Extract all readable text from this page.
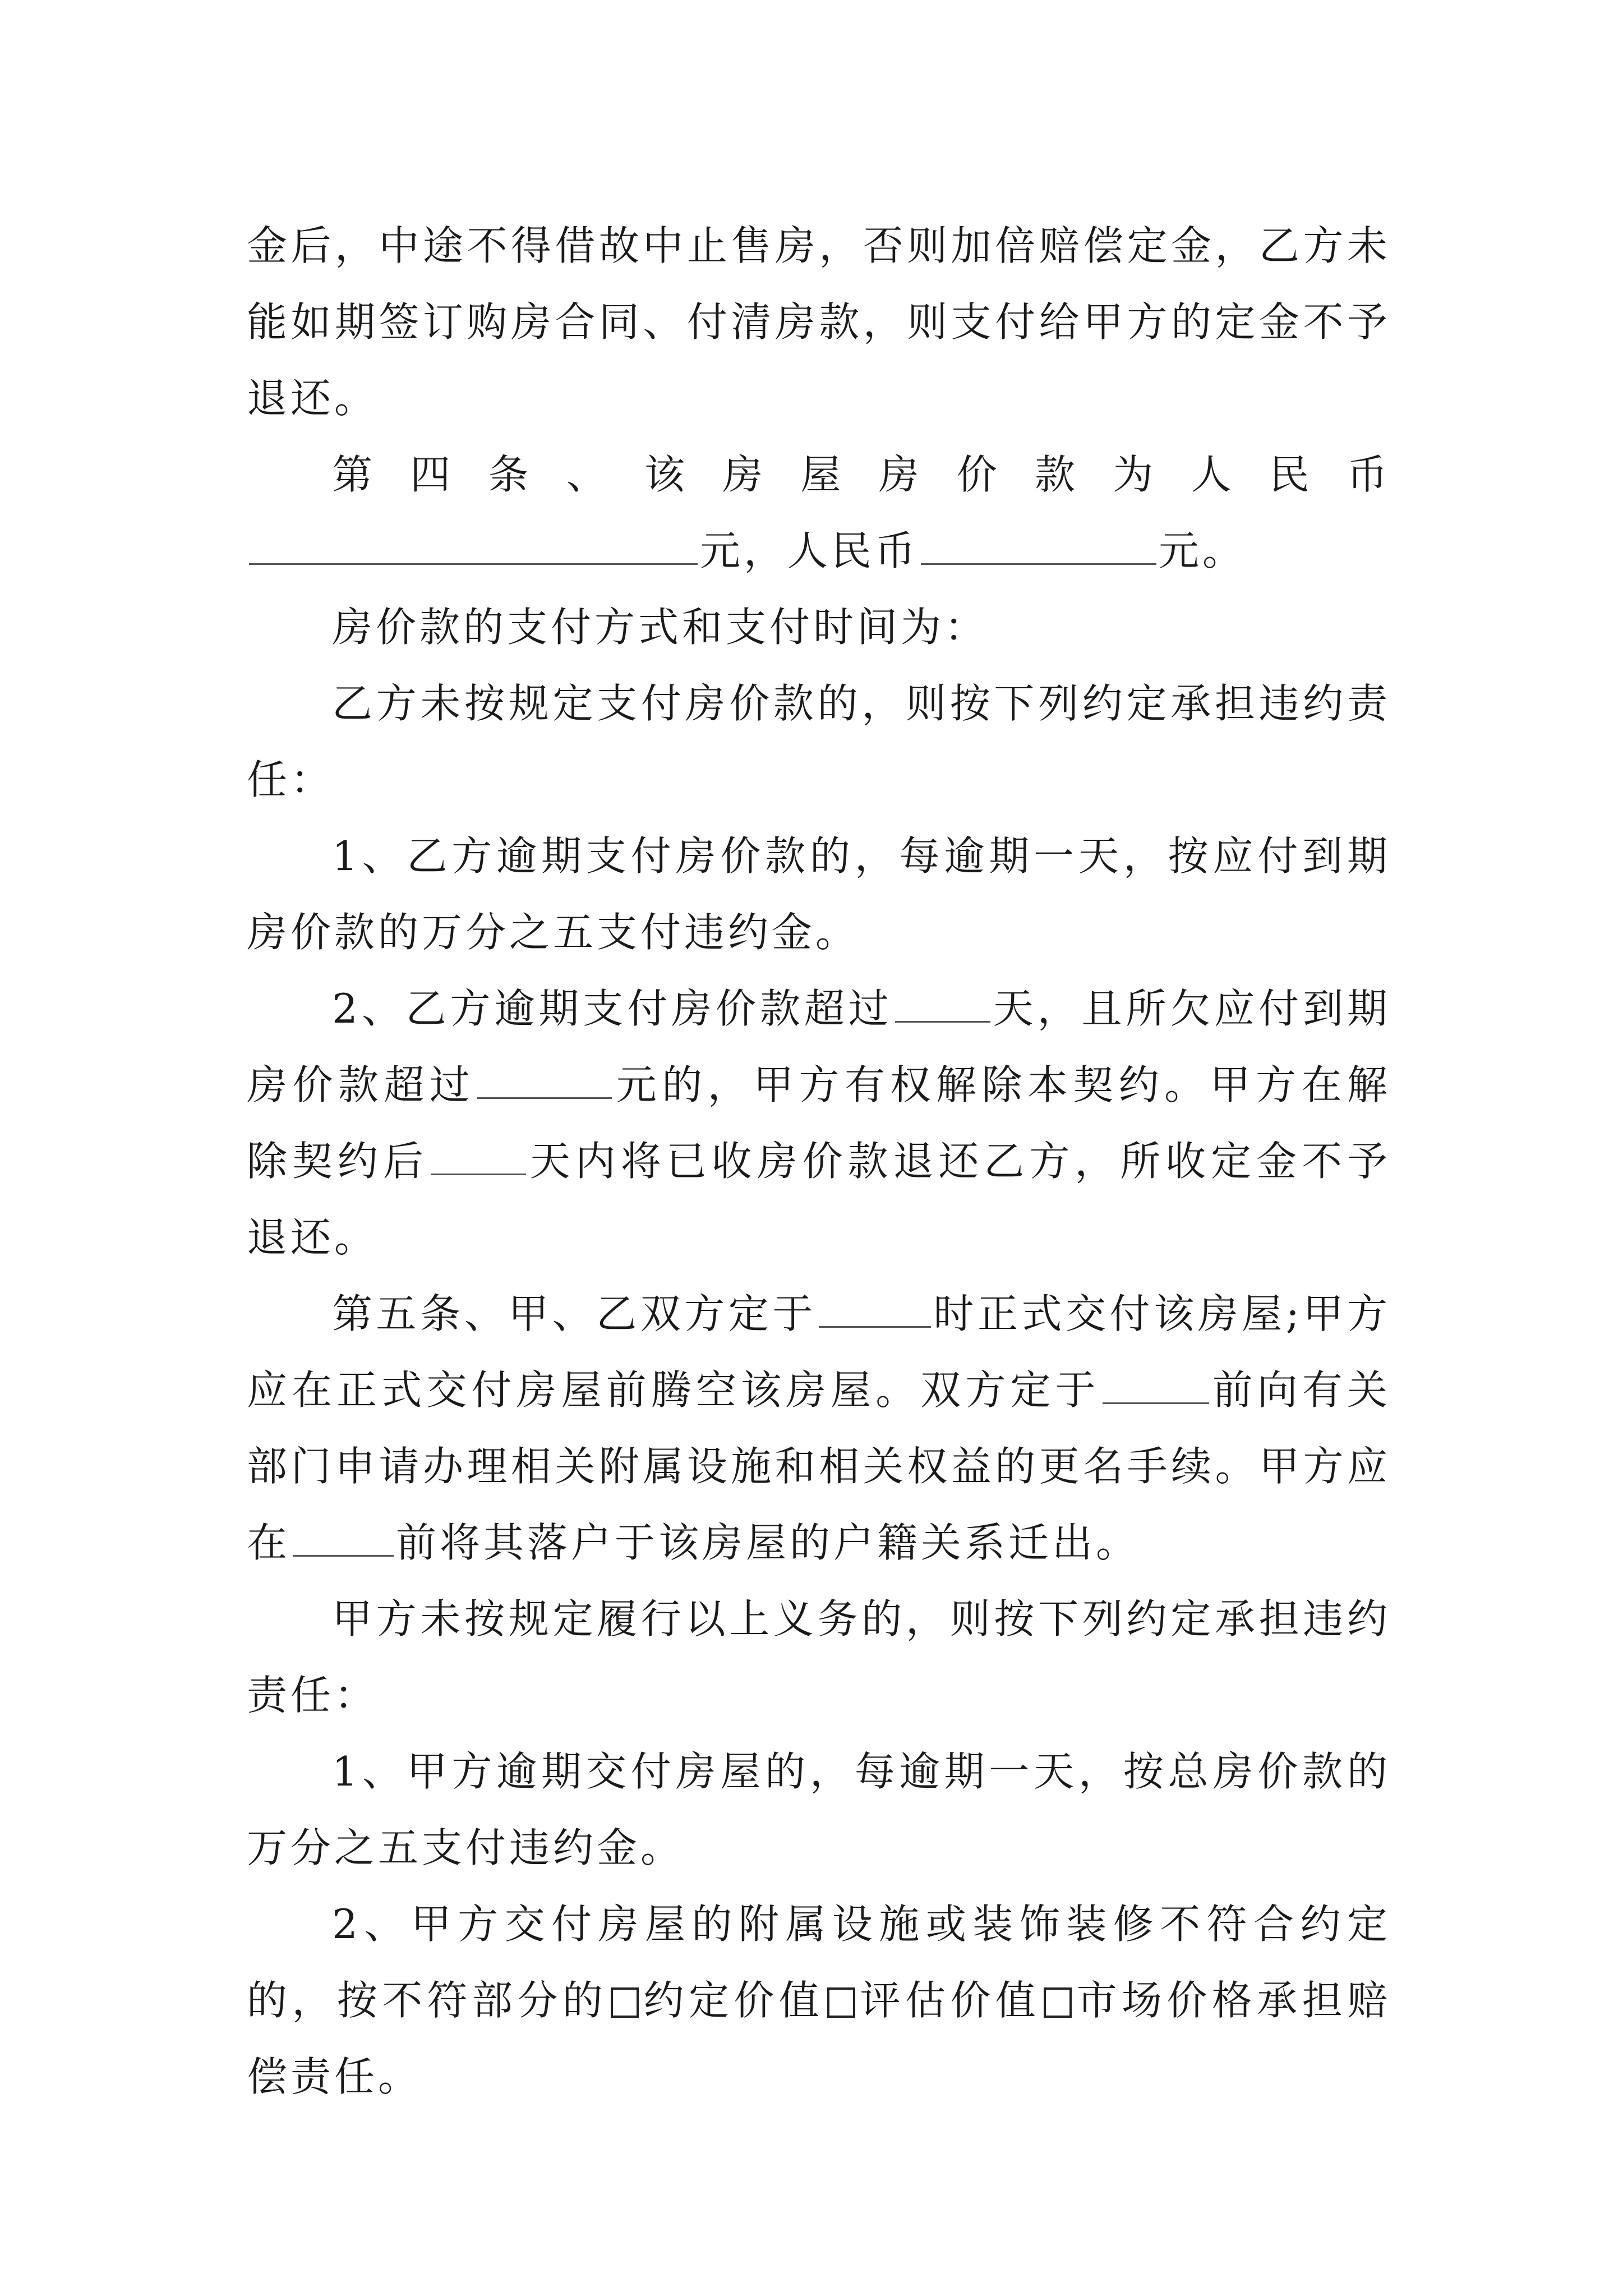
金后，中途不得借故中止售房，否则加倍赔偿定金，乙方未能如期签订购房合同、付清房款，则支付给甲方的定金不予退还。

第四条、该房屋房价款为人民币元，人民币	元。

房价款的支付方式和支付时间为：

乙方未按规定支付房价款的，则按下列约定承担违约责任：

1、乙方逾期支付房价款的，每逾期一天，按应付到期房价款的万分之五支付违约金。

2、乙方逾期支付房价款超过 天，且所欠应付到期房价款超过	元的，甲方有权解除本契约。甲方在解除契约后 天内将已收房价款退还乙方，所收定金不予退还。

第五条、甲、乙双方定于	时正式交付该房屋;甲方应在正式交付房屋前腾空该房屋。双方定于	前向有关部门申请办理相关附属设施和相关权益的更名手续。甲方应在	前将其落户于该房屋的户籍关系迁出。

甲方未按规定履行以上义务的，则按下列约定承担违约责任：

1、甲方逾期交付房屋的，每逾期一天，按总房价款的万分之五支付违约金。

2、甲方交付房屋的附属设施或装饰装修不符合约定的，按不符部分的 约定价值 评估价值 市场价格承担赔偿责任。
